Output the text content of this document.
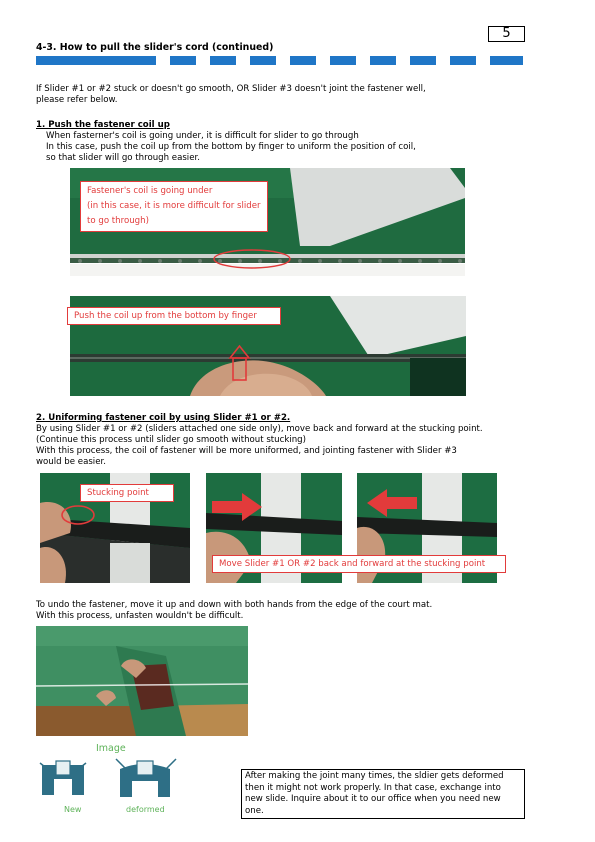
5
4-3. How to pull the slider's cord (continued)
If Slider #1 or #2 stuck or doesn't go smooth, OR Slider #3 doesn't joint the fastener well,
please refer below.
1. Push the fastener coil up
When fasterner's coil is going under, it is difficult for slider to go through
In this case, push the coil up from the bottom by finger to uniform the position of coil,
so that slider will go through easier.
Fastener's coil is going under
(in this case, it is more difficult for slider
to go through)
Push the coil up from the bottom by finger
2. Uniforming fastener coil by using Slider #1 or #2.
By using Slider #1 or #2 (sliders attached one side only), move back and forward at the stucking point.
(Continue this process until slider go smooth without stucking)
With this process, the coil of fastener will be more uniformed, and jointing fastener with Slider #3
would be easier.
Stucking point
Move Slider #1 OR #2 back and forward at the stucking point
To undo the fastener, move it up and down with both hands from the edge of the court mat.
With this process, unfasten wouldn't be difficult.
Image
New	deformed
After making the joint many times, the sldier gets deformed then it might not work properly. In that case, exchange into new slide. Inquire about it to our office when you need new one.
